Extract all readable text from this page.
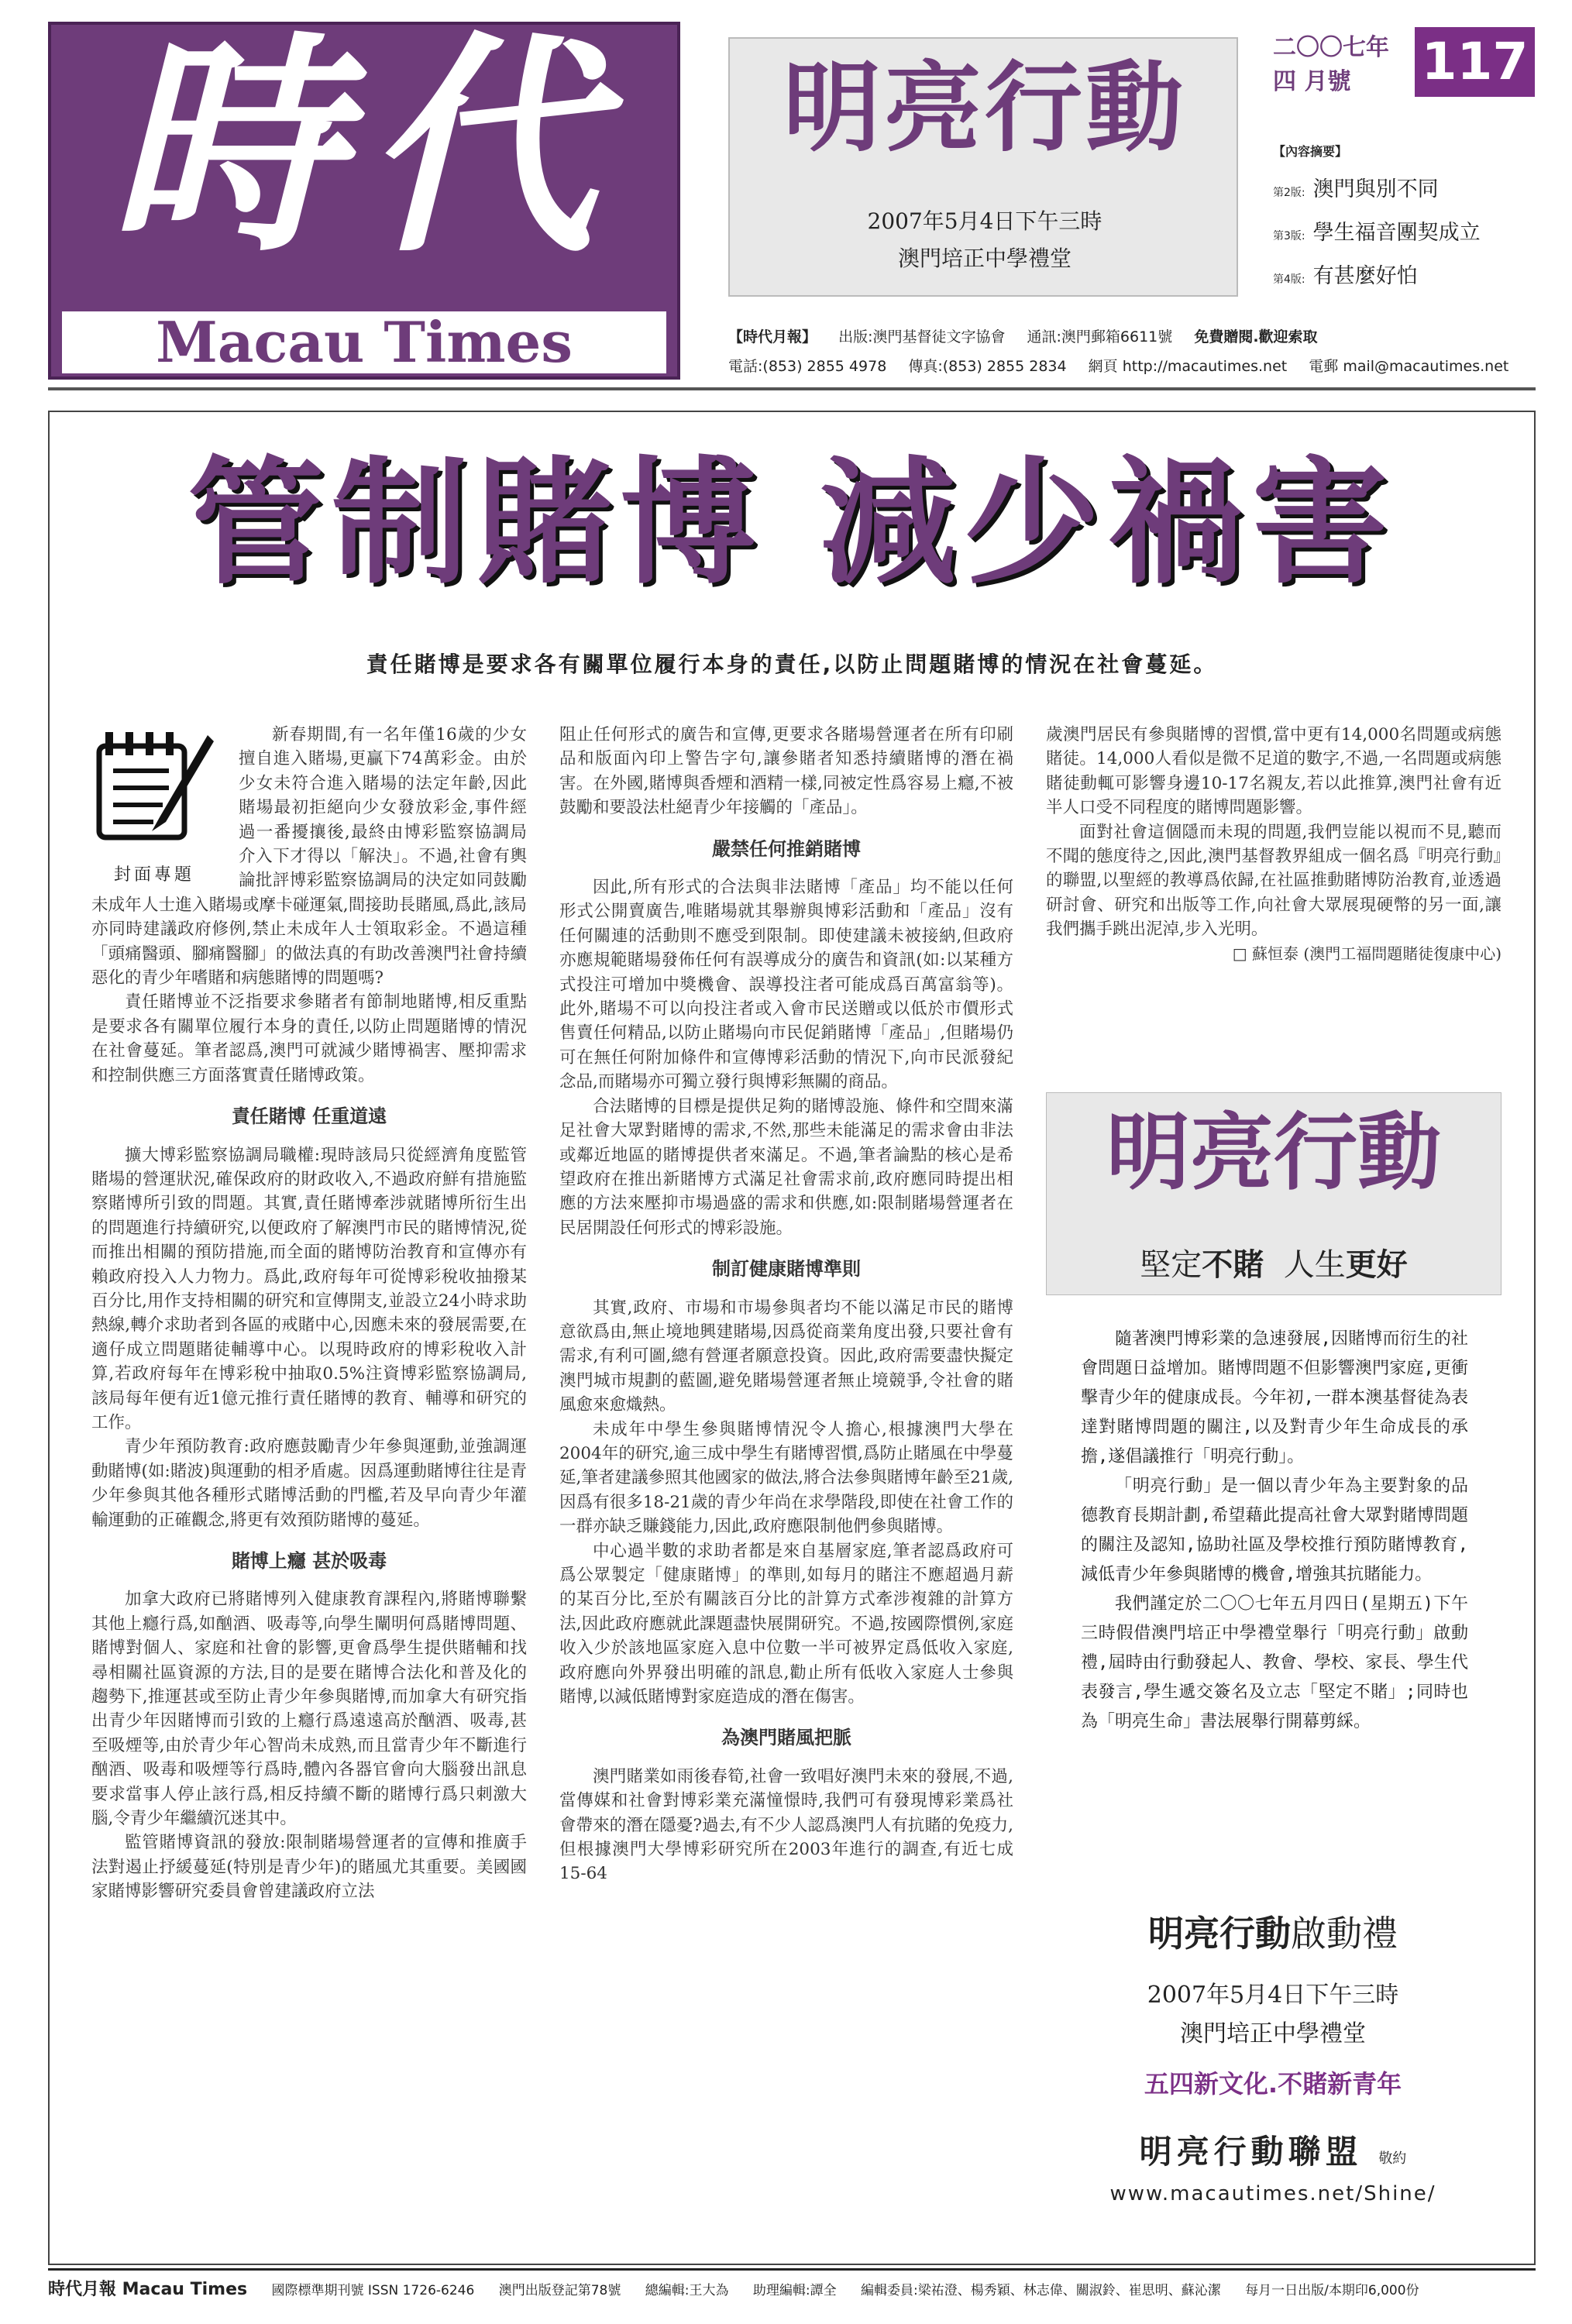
時代
Macau Times
明亮行動
2007年5月4日下午三時
澳門培正中學禮堂
二〇〇七年
四 月號	117
【內容摘要】
第2版: 澳門與別不同
第3版: 學生福音團契成立
第4版: 有甚麼好怕
【時代月報】 出版:澳門基督徒文字協會 通訊:澳門郵箱6611號 免費贈閱.歡迎索取
電話:(853) 2855 4978 傳真:(853) 2855 2834 網頁 http://macautimes.net 電郵 mail@macautimes.net
管制賭博 減少禍害
責任賭博是要求各有關單位履行本身的責任,以防止問題賭博的情況在社會蔓延。
封面專題

新春期間,有一名年僅16歲的少女擅自進入賭場,更贏下74萬彩金。由於少女未符合進入賭場的法定年齡,因此賭場最初拒絕向少女發放彩金,事件經過一番擾攘後,最終由博彩監察協調局介入下才得以「解決」。不過,社會有輿論批評博彩監察協調局的決定如同鼓勵未成年人士進入賭場或摩卡碰運氣,間接助長賭風,爲此,該局亦同時建議政府修例,禁止未成年人士領取彩金。不過這種「頭痛醫頭、腳痛醫腳」的做法真的有助改善澳門社會持續惡化的青少年嗜賭和病態賭博的問題嗎?

責任賭博並不泛指要求參賭者有節制地賭博,相反重點是要求各有關單位履行本身的責任,以防止問題賭博的情況在社會蔓延。筆者認爲,澳門可就減少賭博禍害、壓抑需求和控制供應三方面落實責任賭博政策。

責任賭博 任重道遠

擴大博彩監察協調局職權:現時該局只從經濟角度監管賭場的營運狀況,確保政府的財政收入,不過政府鮮有措施監察賭博所引致的問題。其實,責任賭博牽涉就賭博所衍生出的問題進行持續研究,以便政府了解澳門市民的賭博情況,從而推出相關的預防措施,而全面的賭博防治教育和宣傳亦有賴政府投入人力物力。爲此,政府每年可從博彩稅收抽撥某百分比,用作支持相關的研究和宣傳開支,並設立24小時求助熱線,轉介求助者到各區的戒賭中心,因應未來的發展需要,在適仔成立問題賭徒輔導中心。以現時政府的博彩稅收入計算,若政府每年在博彩稅中抽取0.5%注資博彩監察協調局,該局每年便有近1億元推行責任賭博的教育、輔導和研究的工作。

青少年預防教育:政府應鼓勵青少年參與運動,並強調運動賭博(如:賭波)與運動的相矛盾處。因爲運動賭博往往是青少年參與其他各種形式賭博活動的門檻,若及早向青少年灌輸運動的正確觀念,將更有效預防賭博的蔓延。

賭博上癮 甚於吸毒

加拿大政府已將賭博列入健康教育課程內,將賭博聯繫其他上癮行爲,如酗酒、吸毒等,向學生闡明何爲賭博問題、賭博對個人、家庭和社會的影響,更會爲學生提供賭輔和找尋相關社區資源的方法,目的是要在賭博合法化和普及化的趨勢下,推運甚或至防止青少年參與賭博,而加拿大有研究指出青少年因賭博而引致的上癮行爲遠遠高於酗酒、吸毒,甚至吸煙等,由於青少年心智尚未成熟,而且當青少年不斷進行酗酒、吸毒和吸煙等行爲時,體內各器官會向大腦發出訊息要求當事人停止該行爲,相反持續不斷的賭博行爲只刺激大腦,令青少年繼續沉迷其中。

監管賭博資訊的發放:限制賭場營運者的宣傳和推廣手法對遏止抒緩蔓延(特別是青少年)的賭風尤其重要。美國國家賭博影響研究委員會曾建議政府立法

阻止任何形式的廣告和宣傳,更要求各賭場營運者在所有印刷品和版面內印上警告字句,讓參賭者知悉持續賭博的潛在禍害。在外國,賭博與香煙和酒精一樣,同被定性爲容易上癮,不被鼓勵和要設法杜絕青少年接觸的「產品」。

嚴禁任何推銷賭博

因此,所有形式的合法與非法賭博「產品」均不能以任何形式公開賣廣告,唯賭場就其舉辦與博彩活動和「產品」沒有任何關連的活動則不應受到限制。即使建議未被接納,但政府亦應規範賭場發佈任何有誤導成分的廣告和資訊(如:以某種方式投注可增加中獎機會、誤導投注者可能成爲百萬富翁等)。此外,賭場不可以向投注者或入會市民送贈或以低於市價形式售賣任何精品,以防止賭場向市民促銷賭博「產品」,但賭場仍可在無任何附加條件和宣傳博彩活動的情況下,向市民派發紀念品,而賭場亦可獨立發行與博彩無關的商品。

合法賭博的目標是提供足夠的賭博設施、條件和空間來滿足社會大眾對賭博的需求,不然,那些未能滿足的需求會由非法或鄰近地區的賭博提供者來滿足。不過,筆者論點的核心是希望政府在推出新賭博方式滿足社會需求前,政府應同時提出相應的方法來壓抑市場過盛的需求和供應,如:限制賭場營運者在民居開設任何形式的博彩設施。

制訂健康賭博準則

其實,政府、市場和市場參與者均不能以滿足市民的賭博意欲爲由,無止境地興建賭場,因爲從商業角度出發,只要社會有需求,有利可圖,總有營運者願意投資。因此,政府需要盡快擬定澳門城市規劃的藍圖,避免賭場營運者無止境競爭,令社會的賭風愈來愈熾熱。

未成年中學生參與賭博情況令人擔心,根據澳門大學在2004年的研究,逾三成中學生有賭博習慣,爲防止賭風在中學蔓延,筆者建議參照其他國家的做法,將合法參與賭博年齡至21歲,因爲有很多18-21歲的青少年尚在求學階段,即使在社會工作的一群亦缺乏賺錢能力,因此,政府應限制他們參與賭博。

中心過半數的求助者都是來自基層家庭,筆者認爲政府可爲公眾製定「健康賭博」的準則,如每月的賭注不應超過月薪的某百分比,至於有關該百分比的計算方式牽涉複雜的計算方法,因此政府應就此課題盡快展開研究。不過,按國際慣例,家庭收入少於該地區家庭入息中位數一半可被界定爲低收入家庭,政府應向外界發出明確的訊息,勸止所有低收入家庭人士參與賭博,以減低賭博對家庭造成的潛在傷害。

為澳門賭風把脈

澳門賭業如雨後春筍,社會一致唱好澳門未來的發展,不過,當傳媒和社會對博彩業充滿憧憬時,我們可有發現博彩業爲社會帶來的潛在隱憂?過去,有不少人認爲澳門人有抗賭的免疫力,但根據澳門大學博彩研究所在2003年進行的調查,有近七成15-64

歲澳門居民有參與賭博的習慣,當中更有14,000名問題或病態賭徒。14,000人看似是微不足道的數字,不過,一名問題或病態賭徒動輒可影響身邊10-17名親友,若以此推算,澳門社會有近半人口受不同程度的賭博問題影響。

面對社會這個隱而未現的問題,我們豈能以視而不見,聽而不聞的態度待之,因此,澳門基督教界組成一個名爲『明亮行動』的聯盟,以聖經的教導爲依歸,在社區推動賭博防治教育,並透過研討會、研究和出版等工作,向社會大眾展現硬幣的另一面,讓我們攜手跳出泥淖,步入光明。

□ 蘇恒泰 (澳門工福問題賭徒復康中心)
明亮行動
堅定不賭  人生更好

隨著澳門博彩業的急速發展,因賭博而衍生的社會問題日益增加。賭博問題不但影響澳門家庭,更衝擊青少年的健康成長。今年初,一群本澳基督徒為表達對賭博問題的關注,以及對青少年生命成長的承擔,遂倡議推行「明亮行動」。

「明亮行動」是一個以青少年為主要對象的品德教育長期計劃,希望藉此提高社會大眾對賭博問題的關注及認知,協助社區及學校推行預防賭博教育,減低青少年參與賭博的機會,增強其抗賭能力。

我們謹定於二〇〇七年五月四日(星期五)下午三時假借澳門培正中學禮堂舉行「明亮行動」啟動禮,屆時由行動發起人、教會、學校、家長、學生代表發言,學生遞交簽名及立志「堅定不賭」;同時也為「明亮生命」書法展舉行開幕剪綵。

明亮行動啟動禮
2007年5月4日下午三時
澳門培正中學禮堂
五四新文化.不賭新青年
明亮行動聯盟 敬約
www.macautimes.net/Shine/
時代月報 Macau Times 國際標準期刊號 ISSN 1726-6246 澳門出版登記第78號 總編輯:王大為 助理編輯:譚全 編輯委員:梁祐澄、楊秀穎、林志偉、關淑鈴、崔思明、蘇沁潔 每月一日出版/本期印6,000份
